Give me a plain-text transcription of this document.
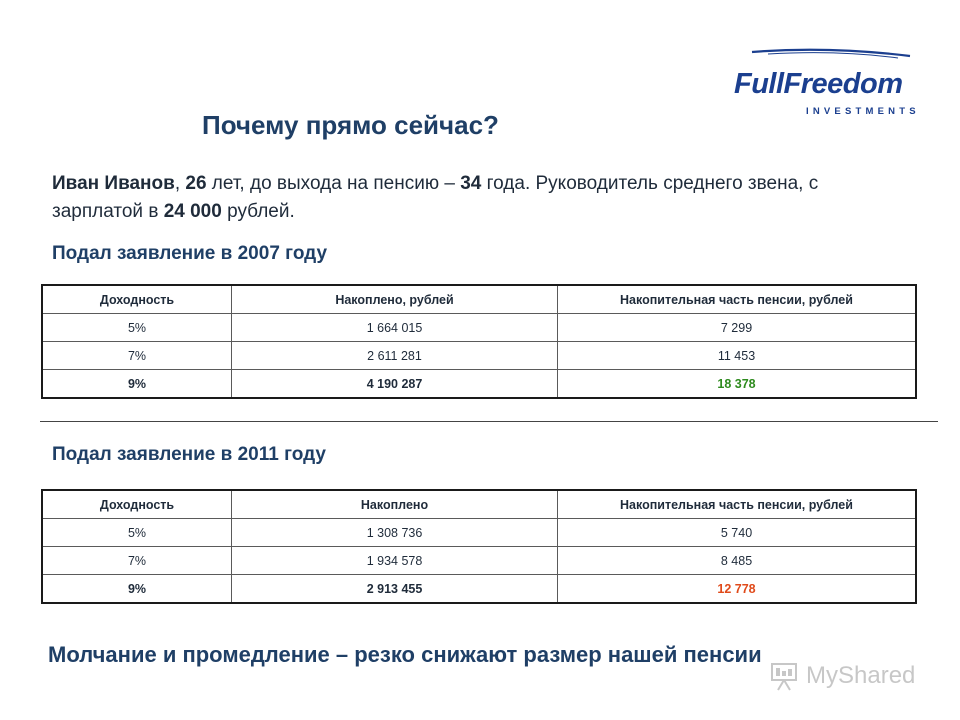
FullFreedom
INVESTMENTS
Почему прямо сейчас?
Иван Иванов, 26 лет, до выхода на пенсию – 34 года. Руководитель среднего звена, с зарплатой в 24 000 рублей.
Подал заявление в 2007 году
Доходность	Накоплено, рублей	Накопительная часть пенсии, рублей
5%	1 664 015	7 299
7%	2 611 281	11 453
9%	4 190 287	18 378
Подал заявление в 2011 году
Доходность	Накоплено	Накопительная часть пенсии, рублей
5%	1 308 736	5 740
7%	1 934 578	8 485
9%	2 913 455	12 778
Молчание и промедление – резко снижают размер нашей пенсии
MyShared
